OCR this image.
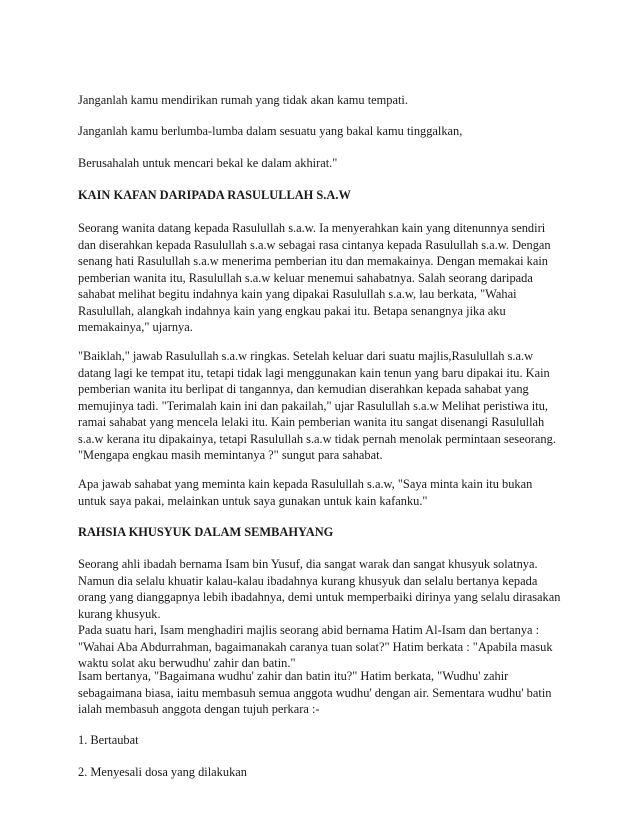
Janganlah kamu mendirikan rumah yang tidak akan kamu tempati.

Janganlah kamu berlumba-lumba dalam sesuatu yang bakal kamu tinggalkan,

Berusahalah untuk mencari bekal ke dalam akhirat."

KAIN KAFAN DARIPADA RASULULLAH S.A.W

Seorang wanita datang kepada Rasulullah s.a.w. Ia menyerahkan kain yang ditenunnya sendiri
dan diserahkan kepada Rasulullah s.a.w sebagai rasa cintanya kepada Rasulullah s.a.w. Dengan
senang hati Rasulullah s.a.w menerima pemberian itu dan memakainya. Dengan memakai kain
pemberian wanita itu, Rasulullah s.a.w keluar menemui sahabatnya. Salah seorang daripada
sahabat melihat begitu indahnya kain yang dipakai Rasulullah s.a.w, lau berkata, "Wahai
Rasulullah, alangkah indahnya kain yang engkau pakai itu. Betapa senangnya jika aku
memakainya," ujarnya.

"Baiklah," jawab Rasulullah s.a.w ringkas. Setelah keluar dari suatu majlis,Rasulullah s.a.w
datang lagi ke tempat itu, tetapi tidak lagi menggunakan kain tenun yang baru dipakai itu. Kain
pemberian wanita itu berlipat di tangannya, dan kemudian diserahkan kepada sahabat yang
memujinya tadi. "Terimalah kain ini dan pakailah," ujar Rasulullah s.a.w Melihat peristiwa itu,
ramai sahabat yang mencela lelaki itu. Kain pemberian wanita itu sangat disenangi Rasulullah
s.a.w kerana itu dipakainya, tetapi Rasulullah s.a.w tidak pernah menolak permintaan seseorang.
"Mengapa engkau masih memintanya ?" sungut para sahabat.

Apa jawab sahabat yang meminta kain kepada Rasulullah s.a.w, "Saya minta kain itu bukan
untuk saya pakai, melainkan untuk saya gunakan untuk kain kafanku."

RAHSIA KHUSYUK DALAM SEMBAHYANG

Seorang ahli ibadah bernama Isam bin Yusuf, dia sangat warak dan sangat khusyuk solatnya.
Namun dia selalu khuatir kalau-kalau ibadahnya kurang khusyuk dan selalu bertanya kepada
orang yang dianggapnya lebih ibadahnya, demi untuk memperbaiki dirinya yang selalu dirasakan
kurang khusyuk.
Pada suatu hari, Isam menghadiri majlis seorang abid bernama Hatim Al-Isam dan bertanya :
"Wahai Aba Abdurrahman, bagaimanakah caranya tuan solat?" Hatim berkata : "Apabila masuk
waktu solat aku berwudhu' zahir dan batin."

Isam bertanya, "Bagaimana wudhu' zahir dan batin itu?" Hatim berkata, "Wudhu' zahir
sebagaimana biasa, iaitu membasuh semua anggota wudhu' dengan air. Sementara wudhu' batin
ialah membasuh anggota dengan tujuh perkara :-

1. Bertaubat

2. Menyesali dosa yang dilakukan
